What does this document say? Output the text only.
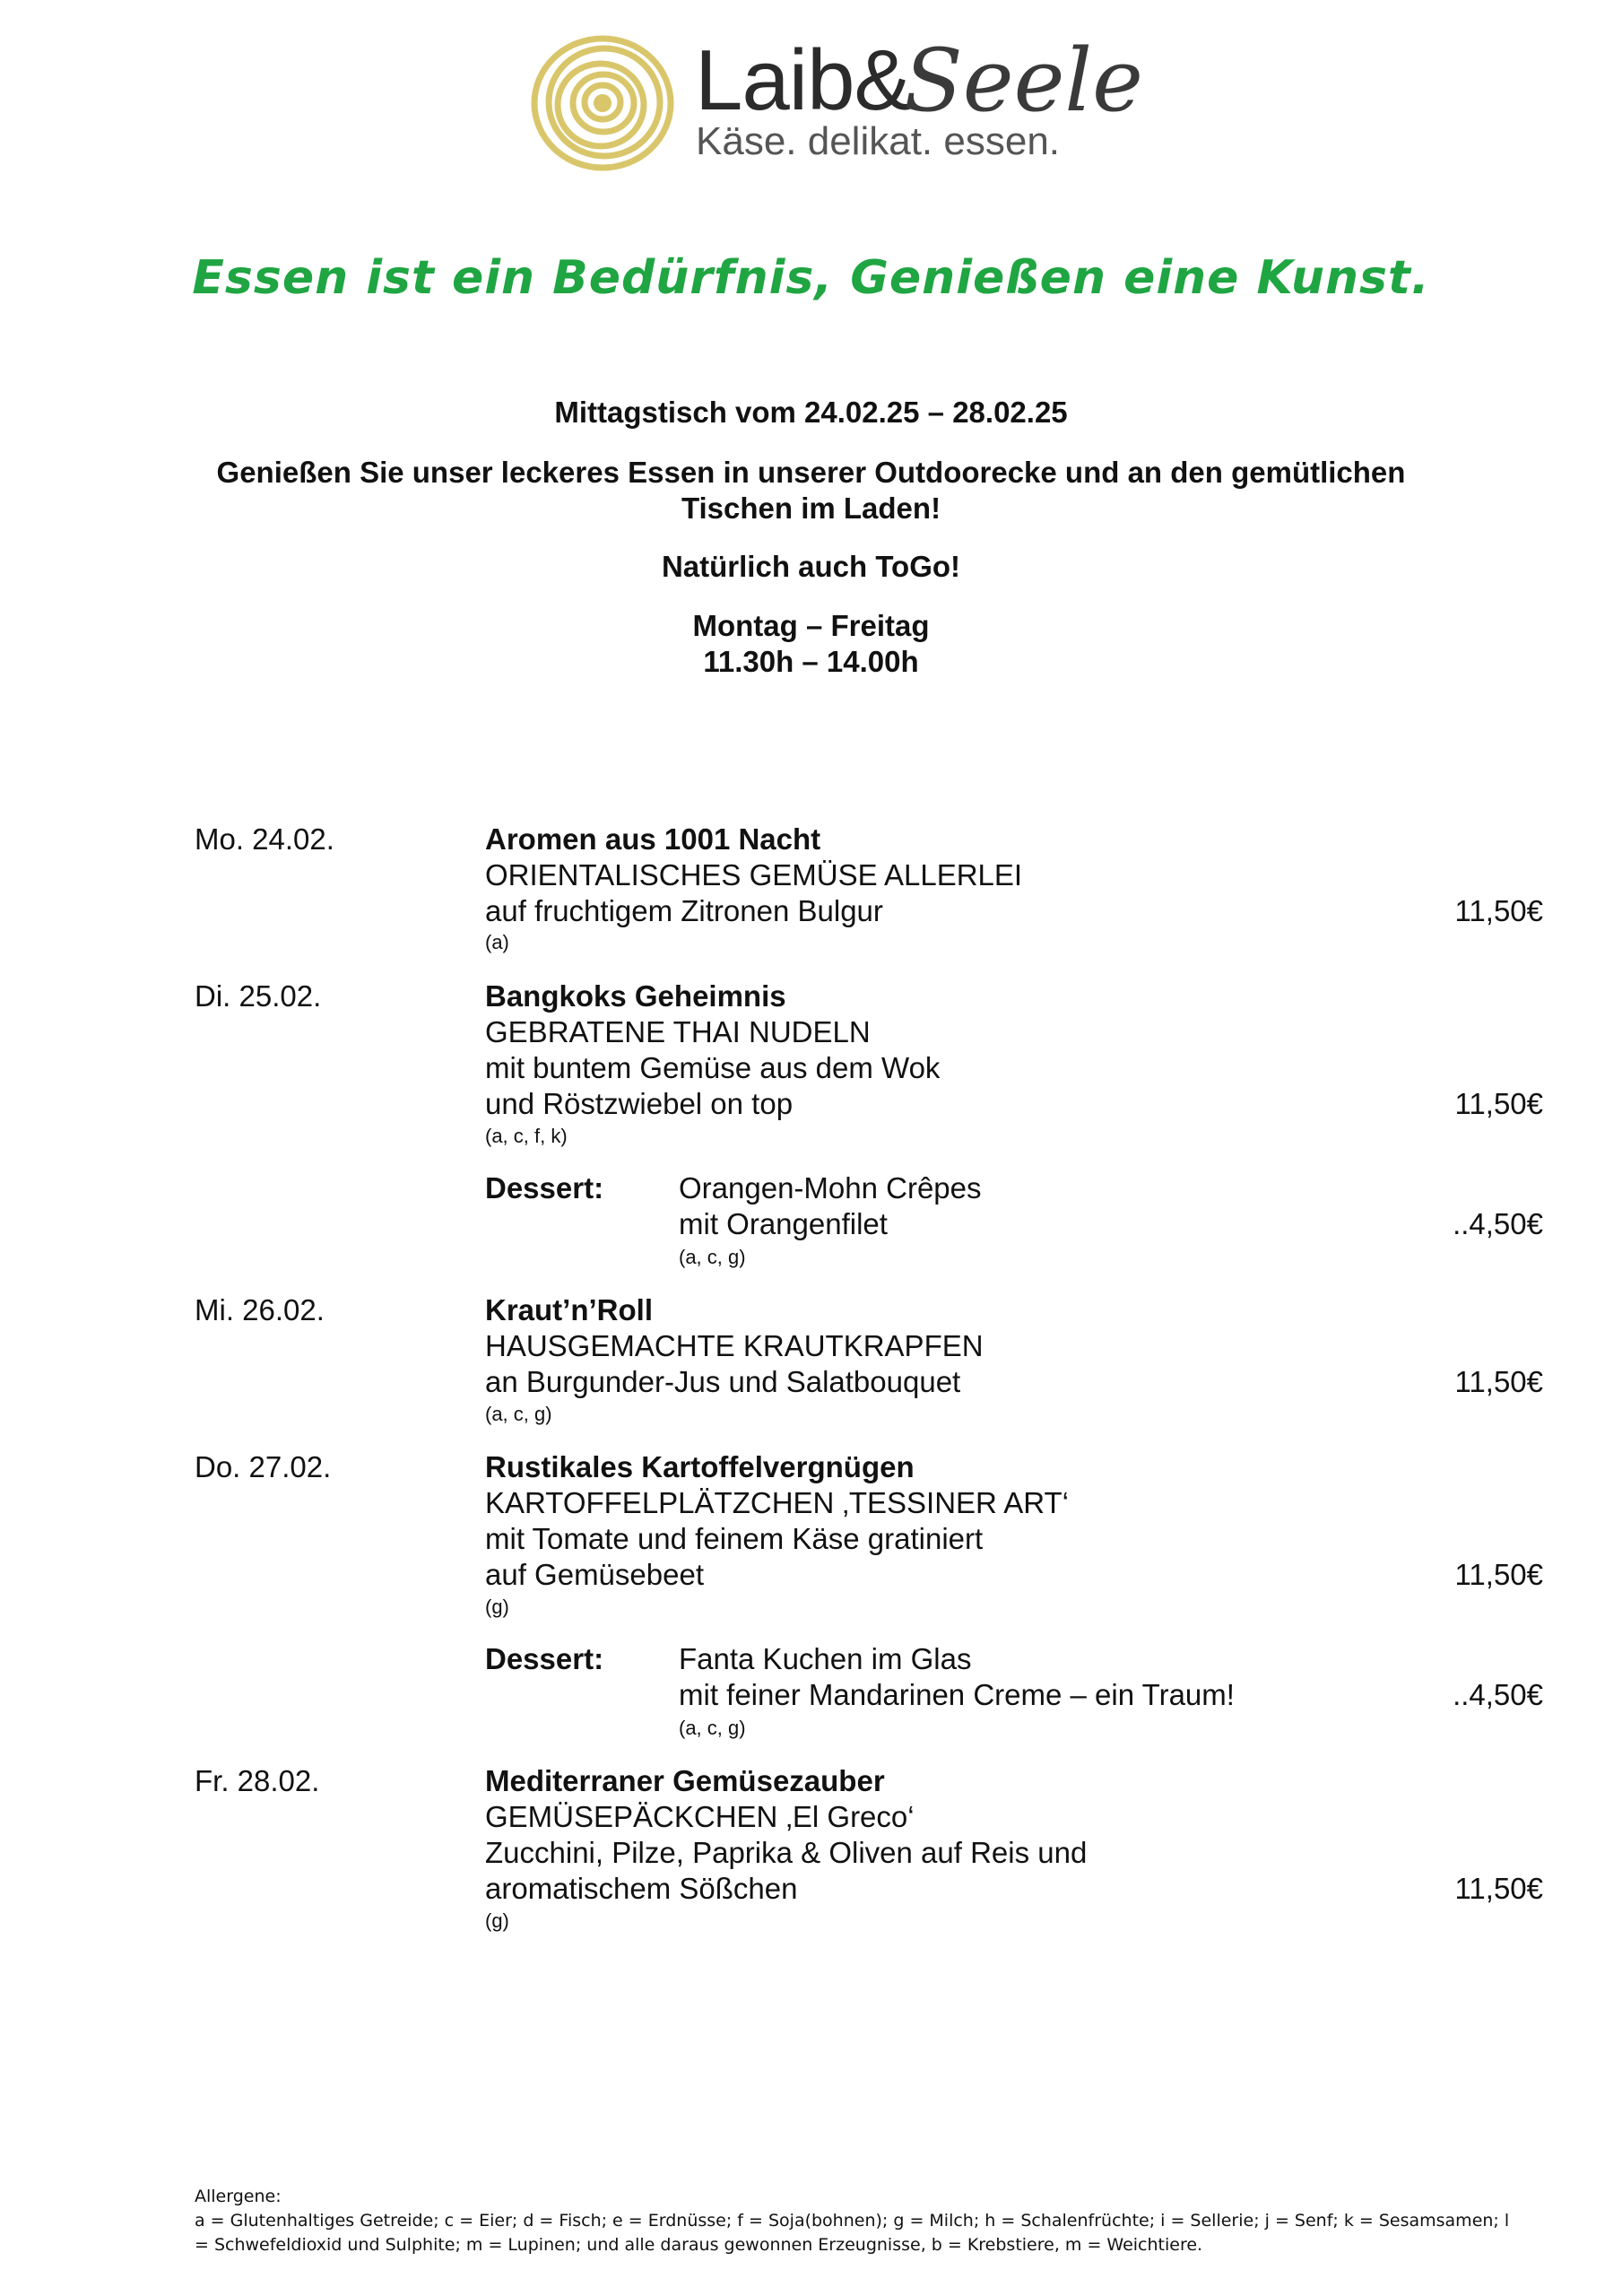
Laib&
Seele
Käse. delikat. essen.
Essen ist ein Bedürfnis, Genießen eine Kunst.
Mittagstisch vom 24.02.25 – 28.02.25
Genießen Sie unser leckeres Essen in unserer Outdoorecke und an den gemütlichen
Tischen im Laden!
Natürlich auch ToGo!
Montag – Freitag
11.30h – 14.00h
Mo. 24.02.	Aromen aus 1001 Nacht
ORIENTALISCHES GEMÜSE ALLERLEI
auf fruchtigem Zitronen Bulgur	11,50€
(a)
Di. 25.02.	Bangkoks Geheimnis
GEBRATENE THAI NUDELN
mit buntem Gemüse aus dem Wok
und Röstzwiebel on top	11,50€
(a, c, f, k)
Dessert:	Orangen-Mohn Crêpes
mit Orangenfilet	..4,50€
(a, c, g)
Mi. 26.02.	Kraut’n’Roll
HAUSGEMACHTE KRAUTKRAPFEN
an Burgunder-Jus und Salatbouquet	11,50€
(a, c, g)
Do. 27.02.	Rustikales Kartoffelvergnügen
KARTOFFELPLÄTZCHEN ‚TESSINER ART‘
mit Tomate und feinem Käse gratiniert
auf Gemüsebeet	11,50€
(g)
Dessert:	Fanta Kuchen im Glas
mit feiner Mandarinen Creme – ein Traum!	..4,50€
(a, c, g)
Fr. 28.02.	Mediterraner Gemüsezauber
GEMÜSEPÄCKCHEN ‚El Greco‘
Zucchini, Pilze, Paprika & Oliven auf Reis und
aromatischem Sößchen	11,50€
(g)
Allergene:
a = Glutenhaltiges Getreide; c = Eier; d = Fisch; e = Erdnüsse; f = Soja(bohnen); g = Milch; h = Schalenfrüchte; i = Sellerie; j = Senf; k = Sesamsamen; l
= Schwefeldioxid und Sulphite; m = Lupinen; und alle daraus gewonnen Erzeugnisse, b = Krebstiere, m = Weichtiere.
